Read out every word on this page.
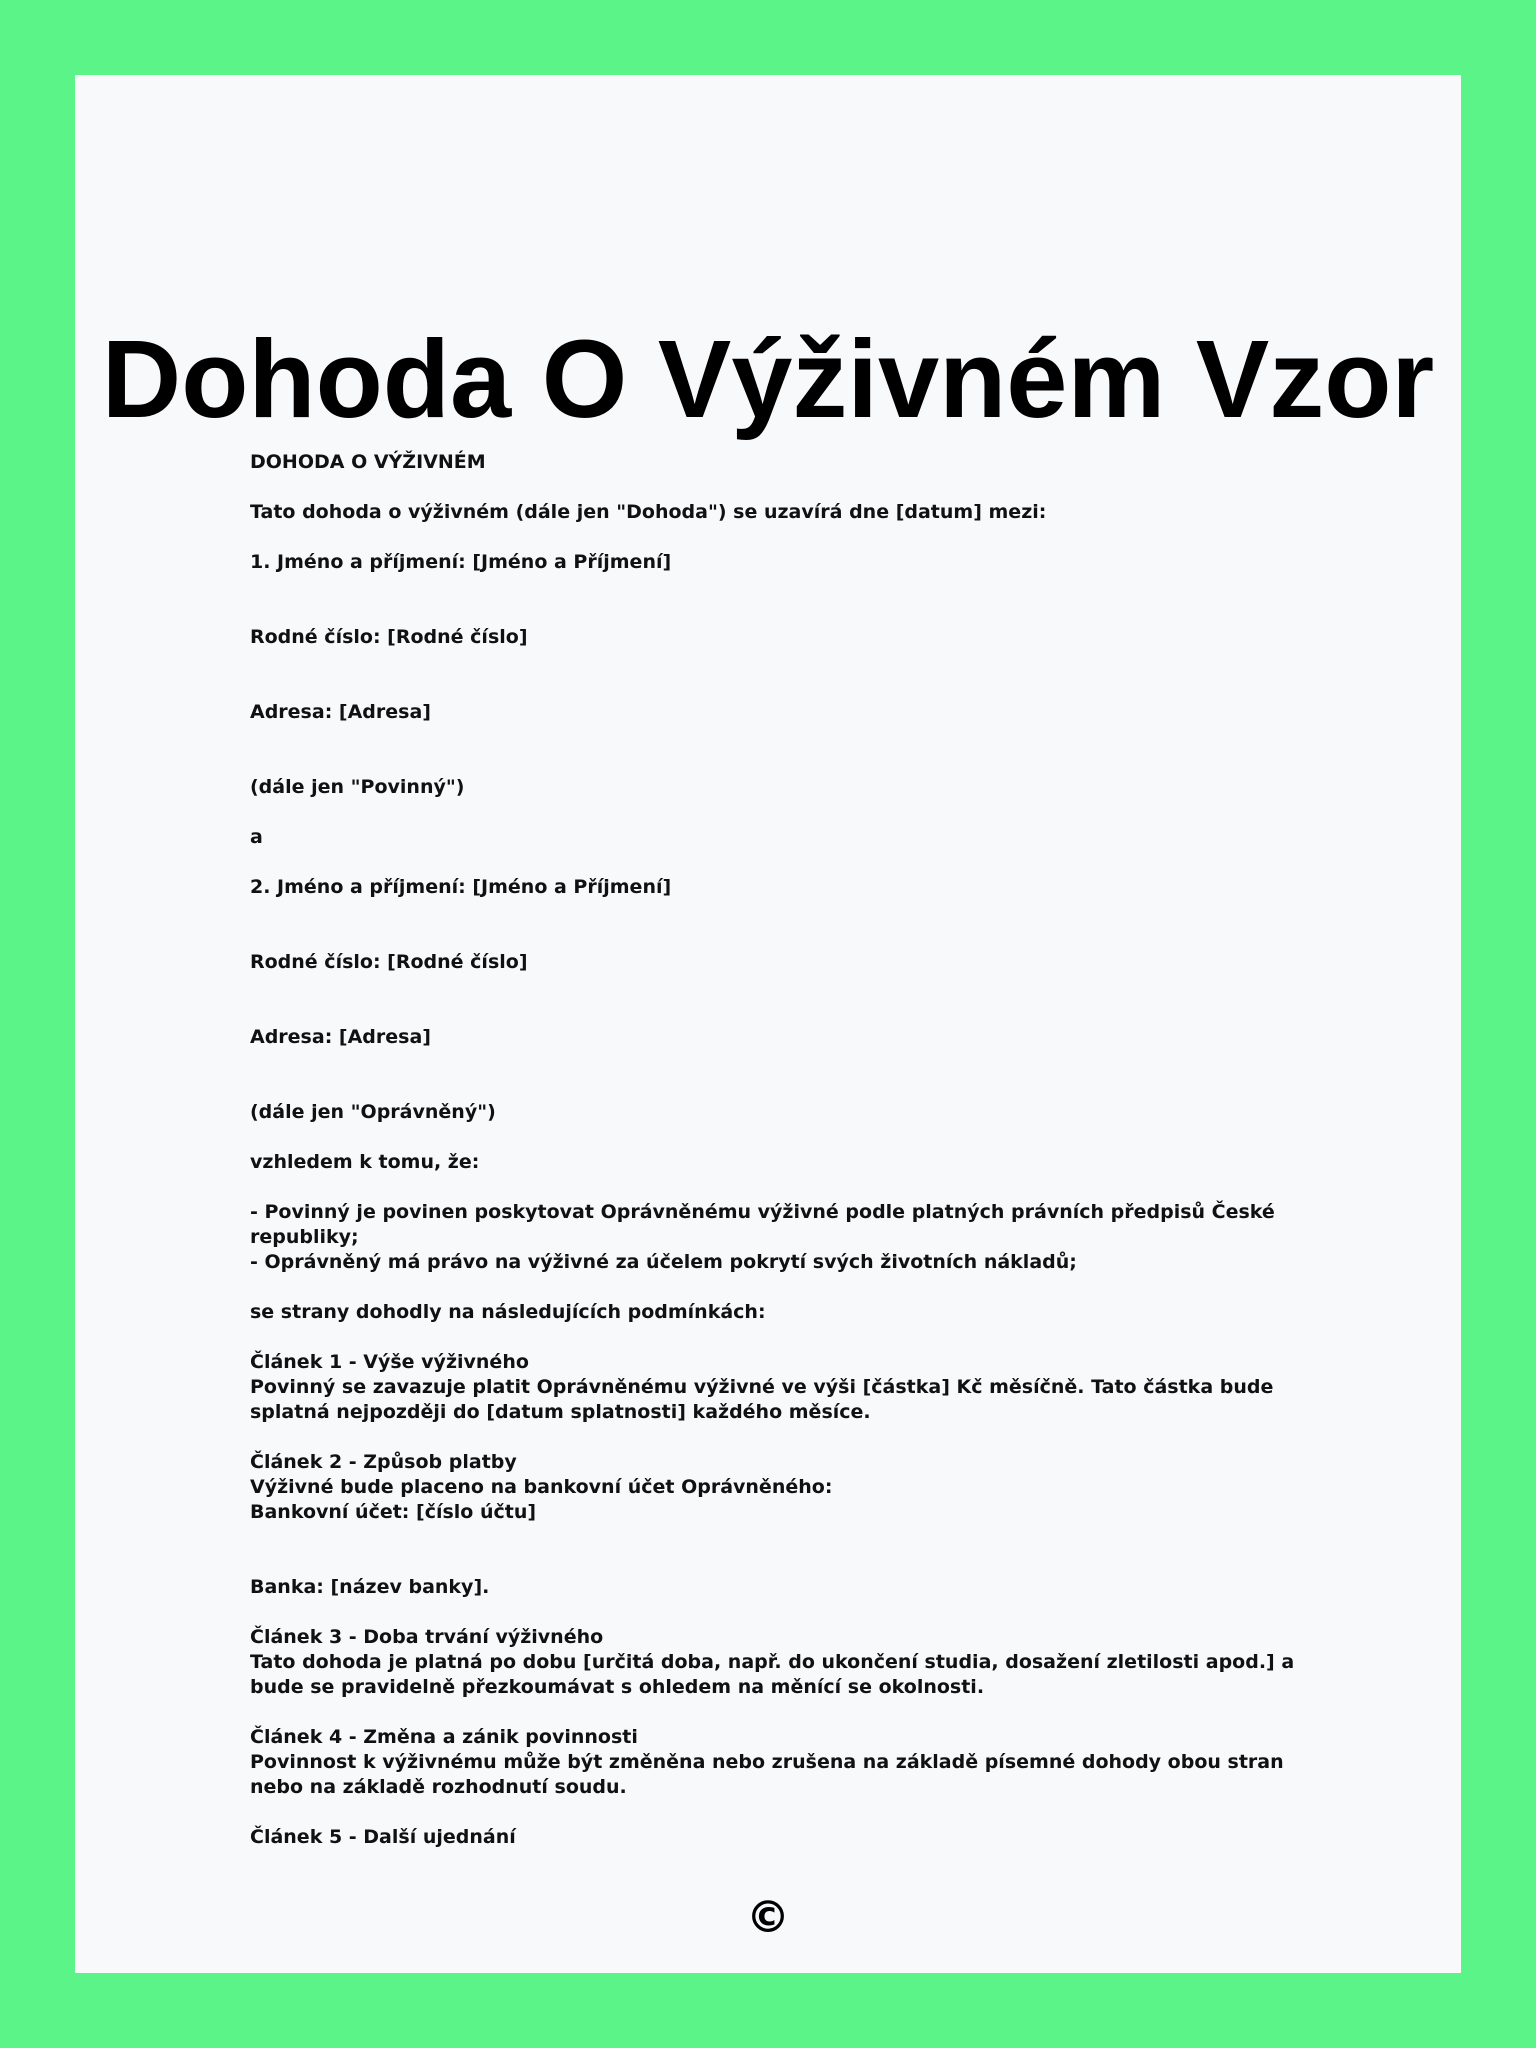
Dohoda O Výživném Vzor

DOHODA O VÝŽIVNÉM

Tato dohoda o výživném (dále jen "Dohoda") se uzavírá dne [datum] mezi:

1. Jméno a příjmení: [Jméno a Příjmení]

Rodné číslo: [Rodné číslo]

Adresa: [Adresa]

(dále jen "Povinný")

a

2. Jméno a příjmení: [Jméno a Příjmení]

Rodné číslo: [Rodné číslo]

Adresa: [Adresa]

(dále jen "Oprávněný")

vzhledem k tomu, že:

- Povinný je povinen poskytovat Oprávněnému výživné podle platných právních předpisů České republiky;

- Oprávněný má právo na výživné za účelem pokrytí svých životních nákladů;

se strany dohodly na následujících podmínkách:

Článek 1 - Výše výživného

Povinný se zavazuje platit Oprávněnému výživné ve výši [částka] Kč měsíčně. Tato částka bude splatná nejpozději do [datum splatnosti] každého měsíce.

Článek 2 - Způsob platby

Výživné bude placeno na bankovní účet Oprávněného:

Bankovní účet: [číslo účtu]

Banka: [název banky].

Článek 3 - Doba trvání výživného

Tato dohoda je platná po dobu [určitá doba, např. do ukončení studia, dosažení zletilosti apod.] a bude se pravidelně přezkoumávat s ohledem na měnící se okolnosti.

Článek 4 - Změna a zánik povinnosti

Povinnost k výživnému může být změněna nebo zrušena na základě písemné dohody obou stran nebo na základě rozhodnutí soudu.

Článek 5 - Další ujednání

©
